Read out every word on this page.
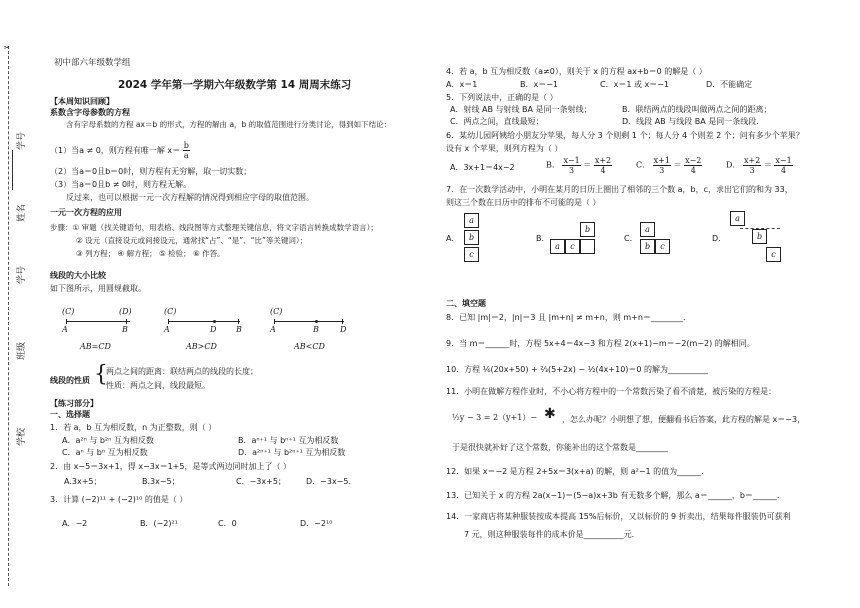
✂
学号
姓名
学号
班级
学校
初中部六年级数学组
2024 学年第一学期六年级数学第 14 周周末练习
【本周知识回顾】
系数含字母参数的方程
含有字母系数的方程 ax＝b 的形式，方程的解由 a，b 的取值范围进行分类讨论，得到如下结论：
（1）当a ≠ 0，则方程有唯一解 $x= \frac{b}{a}$
（2）当a＝0且b＝0时，则方程有无穷解，取一切实数；
（3）当a＝0且b ≠ 0时，则方程无解。
反过来，也可以根据一元一次方程解的情况得到相应字母的取值范围。
一元一次方程的应用
步骤：① 审题（找关键语句，用表格、线段图等方式整理关键信息，将文字语言转换成数学语言）；
② 设元（直接设元或间接设元，通常找“占”、“是”、“比”等关键词）；
③ 列方程； ④ 解方程； ⑤ 检验； ⑥ 作答。
线段的大小比较
如下图所示，用圆规截取。
(C)	(D)
A	B
AB=CD
(C)
A	D B
AB>CD
(C)
A	B	D
AB<CD
线段的性质 {
两点之间的距离：联结两点的线段的长度；
性质：两点之间，线段最短。
【练习部分】
一、选择题
1．若 a，b 互为相反数，n 为正整数，则（ ）
A．a²ⁿ 与 b²ⁿ 互为相反数	B．aⁿ⁺¹ 与 bⁿ⁺¹ 互为相反数
C．aⁿ 与 bⁿ 互为相反数	D．a²ⁿ⁺¹ 与 b²ⁿ⁺¹ 互为相反数
2．由 x−5＝3x+1，得 x−3x＝1+5，是等式两边同时加上了（ ）
A.3x+5；	B.3x−5；	C．−3x+5；	D．−3x−5.
3．计算 (−2)¹¹ + (−2)¹⁰ 的值是（ ）
A．−2	B．(−2)²¹	C．0	D．−2¹⁰
4．若 a，b 互为相反数（a≠0），则关于 x 的方程 ax+b＝0 的解是（ ）
A．x＝1	B．x＝−1	C．x＝1 或 x＝−1	D．不能确定
5．下列说法中，正确的是（ ）
A．射线 AB 与射线 BA 是同一条射线；	B．联结两点的线段叫做两点之间的距离；
C．两点之间，直线最短；	D．线段 AB 与线段 BA 是同一条线段.
6．某幼儿园阿姨给小朋友分苹果，每人分 3 个则剩 1 个；每人分 4 个则差 2 个；问有多少个苹果？
设有 x 个苹果，则列方程为（ ）
A．3x+1＝4x−2	B． $\frac{x-1}{3} = \frac{x+2}{4}$	C． $\frac{x+1}{3} = \frac{x-2}{4}$	D． $\frac{x+2}{3} = \frac{x-1}{4}$
7．在一次数学活动中，小明在某月的日历上圈出了相邻的三个数 a，b，c，求出它们的和为 33，
则这三个数在日历中的排布不可能的是（ ）
A.
a
b
c
B.
b
a	c
C.
a
b	c
D.
a
b
c
二、填空题
8．已知 |m|＝2，|n|＝3 且 |m+n| ≠ m+n，则 m+n＝________．
9．当 m＝______时，方程 5x+4＝4x−3 和方程 2(x+1)−m＝−2(m−2) 的解相同。
10．方程 ⅙(20x+50) + ⅔(5+2x) − ½(4x+10)＝0 的解为__________
11．小明在做解方程作业时，不小心将方程中的一个常数污染了看不清楚，被污染的方程是：
½y − 3 = 2（y+1）− ✱ ，怎么办呢？小明想了想，便翻看书后答案，此方程的解是 x＝−3，
于是很快就补好了这个常数，你能补出的这个常数是________
12．如果 x＝−2 是方程 2+5x＝3(x+a) 的解，则 a²−1 的值为______.
13．已知关于 x 的方程 2a(x−1)＝(5−a)x+3b 有无数多个解，那么 a＝______，b＝______.
14．一家商店将某种服装按成本提高 15%后标价，又以标价的 9 折卖出，结果每件服装仍可获利
7 元，则这种服装每件的成本价是__________元.
